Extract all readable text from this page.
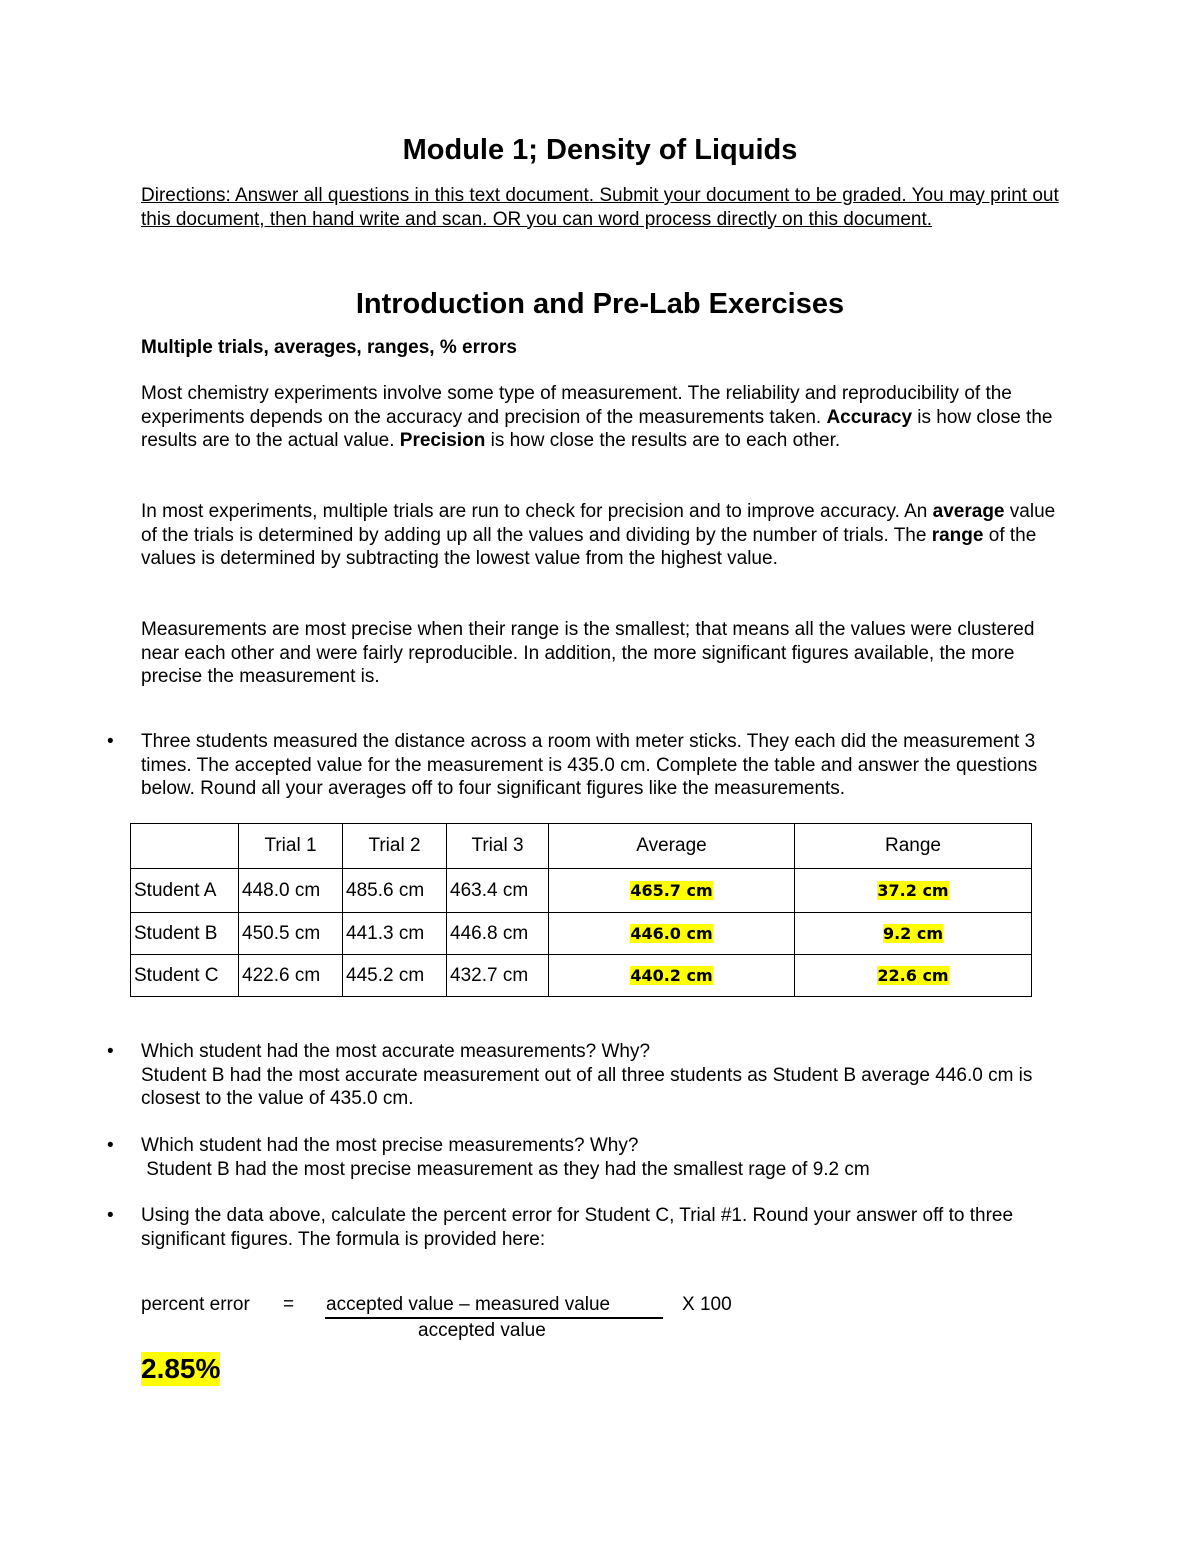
Module 1; Density of Liquids
Directions: Answer all questions in this text document. Submit your document to be graded. You may print out this document, then hand write and scan. OR you can word process directly on this document.
Introduction and Pre-Lab Exercises
Multiple trials, averages, ranges, % errors
Most chemistry experiments involve some type of measurement. The reliability and reproducibility of the experiments depends on the accuracy and precision of the measurements taken. Accuracy is how close the results are to the actual value. Precision is how close the results are to each other.
In most experiments, multiple trials are run to check for precision and to improve accuracy. An average value of the trials is determined by adding up all the values and dividing by the number of trials. The range of the values is determined by subtracting the lowest value from the highest value.
Measurements are most precise when their range is the smallest; that means all the values were clustered near each other and were fairly reproducible. In addition, the more significant figures available, the more precise the measurement is.
• Three students measured the distance across a room with meter sticks. They each did the measurement 3 times. The accepted value for the measurement is 435.0 cm. Complete the table and answer the questions below. Round all your averages off to four significant figures like the measurements.
	Trial 1	Trial 2	Trial 3	Average	Range
Student A	448.0 cm	485.6 cm	463.4 cm	465.7 cm	37.2 cm
Student B	450.5 cm	441.3 cm	446.8 cm	446.0 cm	9.2 cm
Student C	422.6 cm	445.2 cm	432.7 cm	440.2 cm	22.6 cm
• Which student had the most accurate measurements? Why?
Student B had the most accurate measurement out of all three students as Student B average 446.0 cm is closest to the value of 435.0 cm.
• Which student had the most precise measurements? Why?
Student B had the most precise measurement as they had the smallest rage of 9.2 cm
• Using the data above, calculate the percent error for Student C, Trial #1. Round your answer off to three significant figures. The formula is provided here:
percent error = accepted value – measured value	X 100
accepted value
2.85%
